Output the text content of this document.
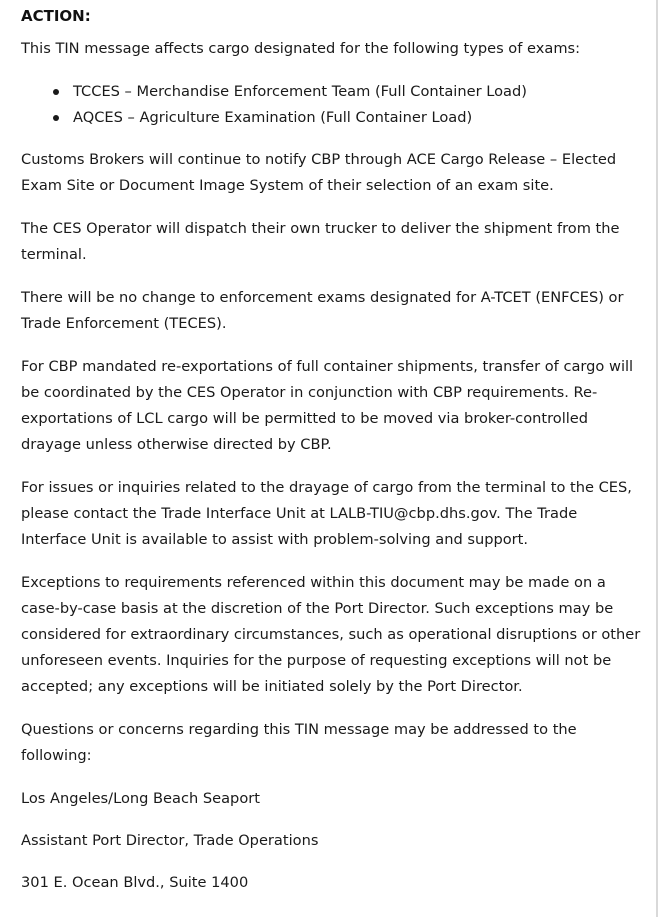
ACTION:

This TIN message affects cargo designated for the following types of exams:

TCCES – Merchandise Enforcement Team (Full Container Load)
AQCES – Agriculture Examination (Full Container Load)

Customs Brokers will continue to notify CBP through ACE Cargo Release – Elected Exam Site or Document Image System of their selection of an exam site.

The CES Operator will dispatch their own trucker to deliver the shipment from the terminal.

There will be no change to enforcement exams designated for A-TCET (ENFCES) or Trade Enforcement (TECES).

For CBP mandated re-exportations of full container shipments, transfer of cargo will be coordinated by the CES Operator in conjunction with CBP requirements. Re-exportations of LCL cargo will be permitted to be moved via broker-controlled drayage unless otherwise directed by CBP.

For issues or inquiries related to the drayage of cargo from the terminal to the CES, please contact the Trade Interface Unit at LALB-TIU@cbp.dhs.gov. The Trade Interface Unit is available to assist with problem-solving and support.

Exceptions to requirements referenced within this document may be made on a case-by-case basis at the discretion of the Port Director. Such exceptions may be considered for extraordinary circumstances, such as operational disruptions or other unforeseen events. Inquiries for the purpose of requesting exceptions will not be accepted; any exceptions will be initiated solely by the Port Director.

Questions or concerns regarding this TIN message may be addressed to the following:

Los Angeles/Long Beach Seaport

Assistant Port Director, Trade Operations

301 E. Ocean Blvd., Suite 1400
